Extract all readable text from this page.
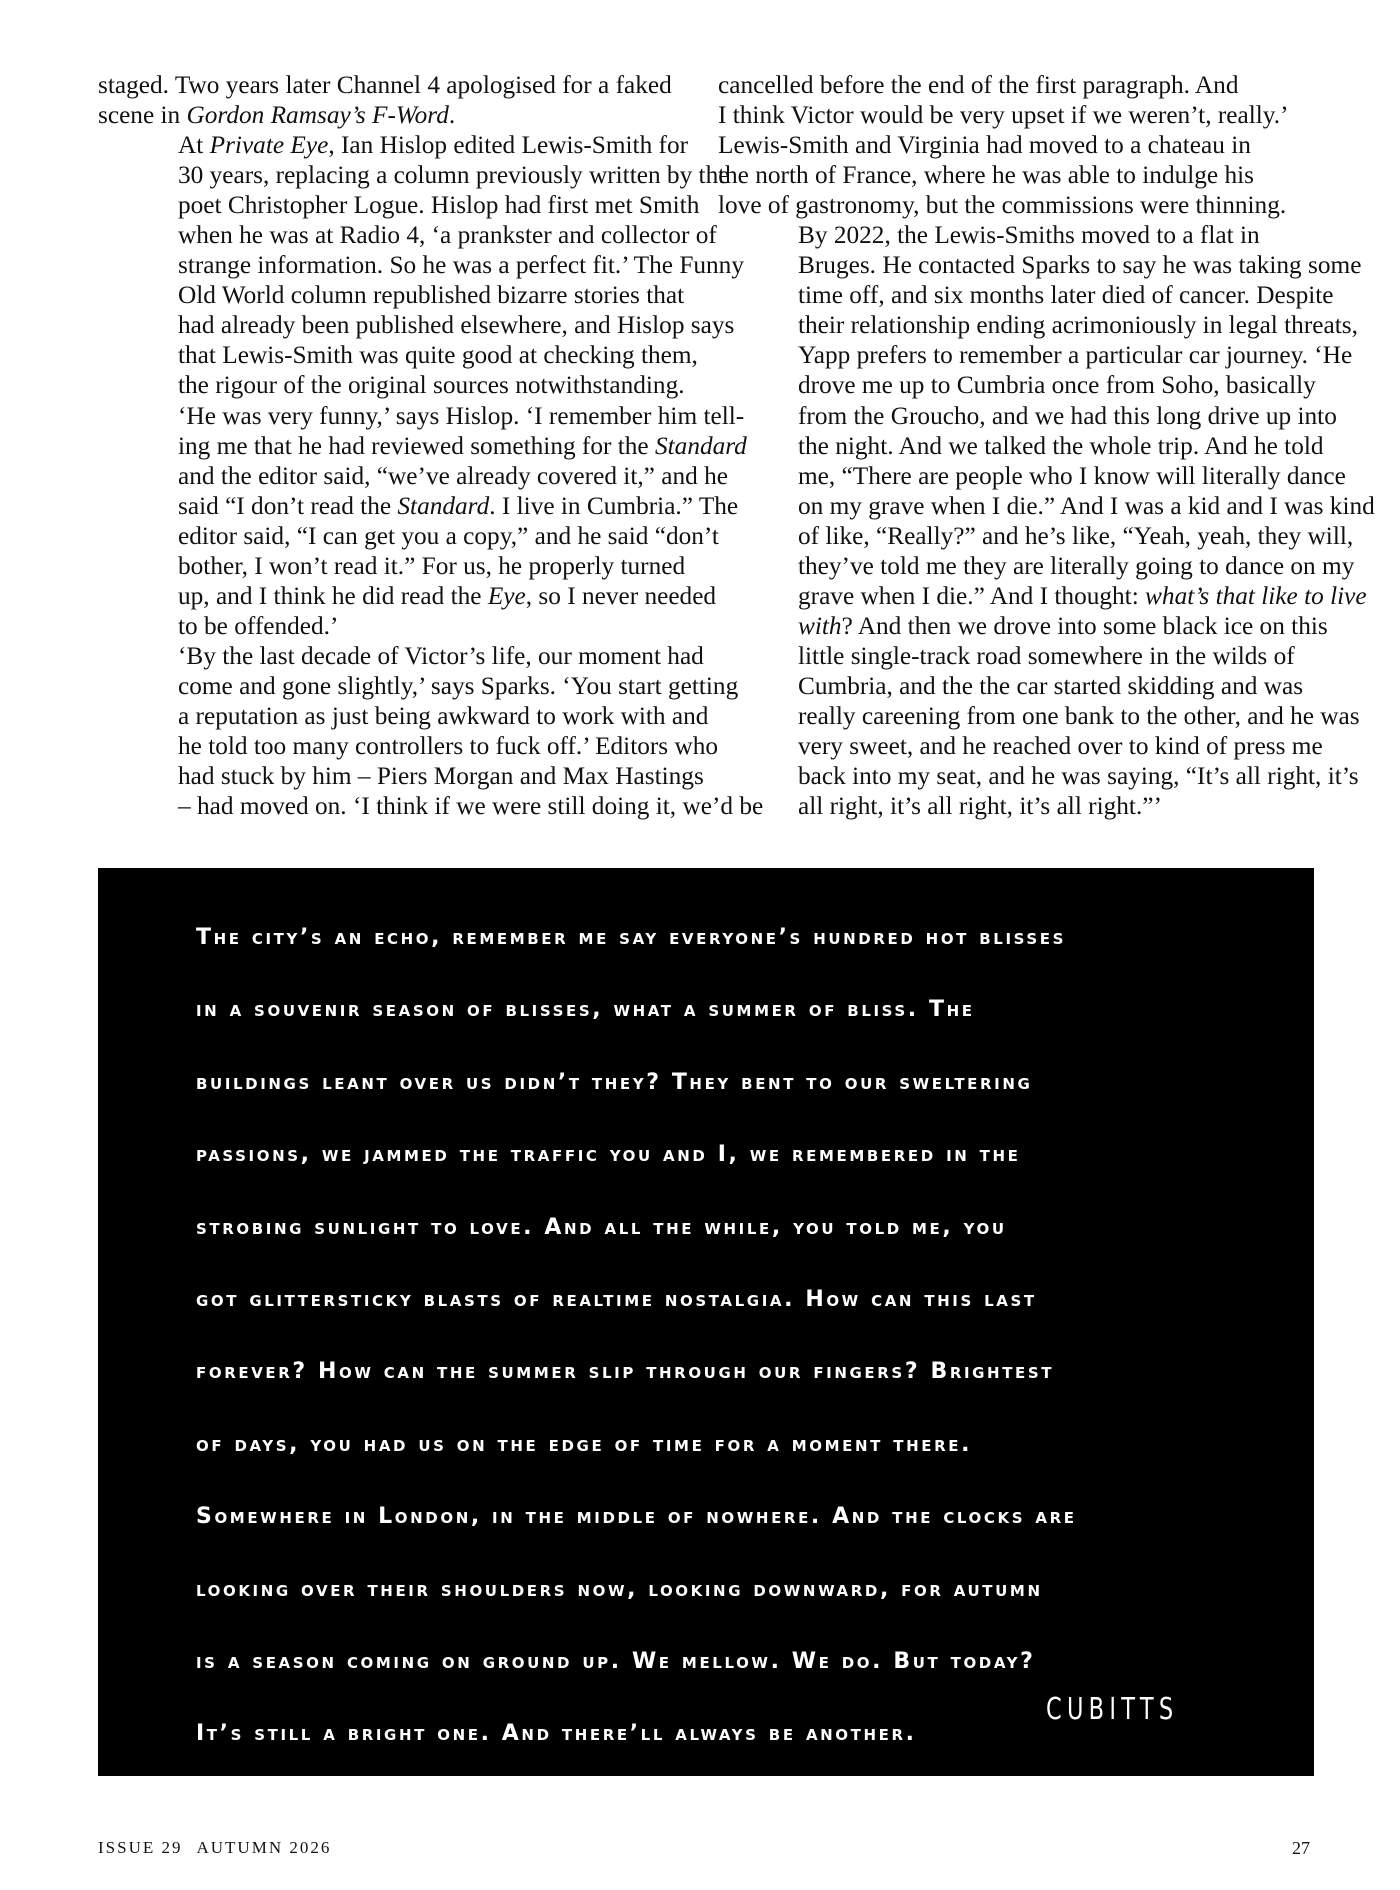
staged. Two years later Channel 4 apologised for a faked
scene in Gordon Ramsay’s F-Word.

At Private Eye, Ian Hislop edited Lewis-Smith for
30 years, replacing a column previously written by the
poet Christopher Logue. Hislop had first met Smith
when he was at Radio 4, ‘a prankster and collector of
strange information. So he was a perfect fit.’ The Funny
Old World column republished bizarre stories that
had already been published elsewhere, and Hislop says
that Lewis-Smith was quite good at checking them,
the rigour of the original sources notwithstanding.
‘He was very funny,’ says Hislop. ‘I remember him tell-
ing me that he had reviewed something for the Standard
and the editor said, “we’ve already covered it,” and he
said “I don’t read the Standard. I live in Cumbria.” The
editor said, “I can get you a copy,” and he said “don’t
bother, I won’t read it.” For us, he properly turned
up, and I think he did read the Eye, so I never needed
to be offended.’

‘By the last decade of Victor’s life, our moment had
come and gone slightly,’ says Sparks. ‘You start getting
a reputation as just being awkward to work with and
he told too many controllers to fuck off.’ Editors who
had stuck by him – Piers Morgan and Max Hastings
– had moved on. ‘I think if we were still doing it, we’d be

cancelled before the end of the first paragraph. And
I think Victor would be very upset if we weren’t, really.’
Lewis-Smith and Virginia had moved to a chateau in
the north of France, where he was able to indulge his
love of gastronomy, but the commissions were thinning.

By 2022, the Lewis-Smiths moved to a flat in
Bruges. He contacted Sparks to say he was taking some
time off, and six months later died of cancer. Despite
their relationship ending acrimoniously in legal threats,
Yapp prefers to remember a particular car journey. ‘He
drove me up to Cumbria once from Soho, basically
from the Groucho, and we had this long drive up into
the night. And we talked the whole trip. And he told
me, “There are people who I know will literally dance
on my grave when I die.” And I was a kid and I was kind
of like, “Really?” and he’s like, “Yeah, yeah, they will,
they’ve told me they are literally going to dance on my
grave when I die.” And I thought: what’s that like to live
with? And then we drove into some black ice on this
little single-track road somewhere in the wilds of
Cumbria, and the the car started skidding and was
really careening from one bank to the other, and he was
very sweet, and he reached over to kind of press me
back into my seat, and he was saying, “It’s all right, it’s
all right, it’s all right, it’s all right.”’

The city’s an echo, remember me say everyone’s hundred hot blisses
in a souvenir season of blisses, what a summer of bliss. The
buildings leant over us didn’t they? They bent to our sweltering
passions, we jammed the traffic you and I, we remembered in the
strobing sunlight to love. And all the while, you told me, you
got glittersticky blasts of realtime nostalgia. How can this last
forever? How can the summer slip through our fingers? Brightest
of days, you had us on the edge of time for a moment there.
Somewhere in London, in the middle of nowhere. And the clocks are
looking over their shoulders now, looking downward, for autumn
is a season coming on ground up. We mellow. We do. But today?
It’s still a bright one. And there’ll always be another.
CUBITTS
ISSUE 29 AUTUMN 2026	27
